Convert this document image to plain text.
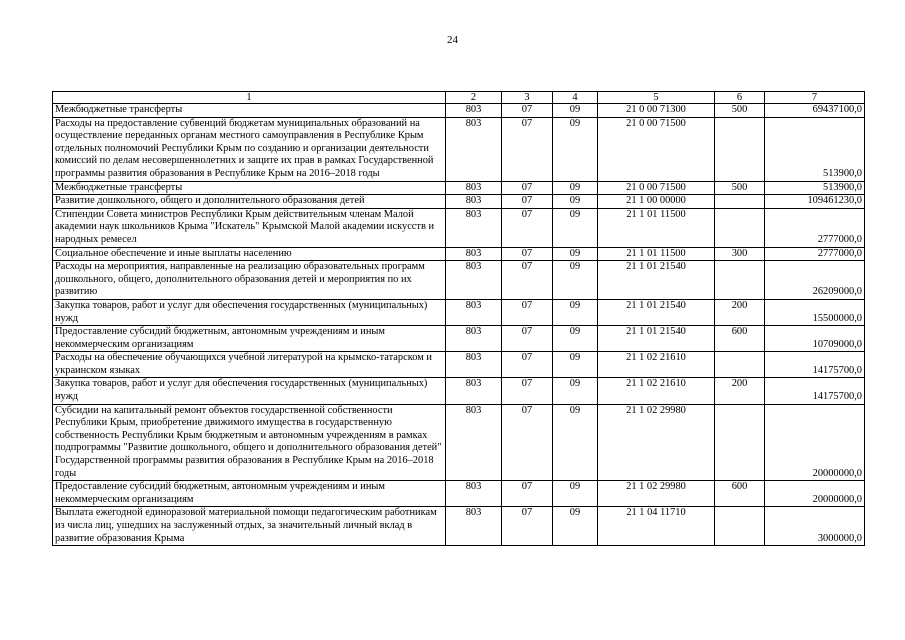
24
1	2	3	4	5	6	7
Межбюджетные трансферты	803	07	09	21 0 00 71300	500	69437100,0
Расходы на предоставление субвенций бюджетам муниципальных образований на осуществление переданных органам местного самоуправления в Республике Крым отдельных полномочий Республики Крым по созданию и организации деятельности комиссий по делам несовершеннолетних и защите их прав в рамках Государственной программы развития образования в Республике Крым на 2016–2018 годы	803	07	09	21 0 00 71500		513900,0
Межбюджетные трансферты	803	07	09	21 0 00 71500	500	513900,0
Развитие дошкольного, общего и дополнительного образования детей	803	07	09	21 1 00 00000		109461230,0
Стипендии Совета министров Республики Крым действительным членам Малой академии наук школьников Крыма "Искатель" Крымской Малой академии искусств и народных ремесел	803	07	09	21 1 01 11500		2777000,0
Социальное обеспечение и иные выплаты населению	803	07	09	21 1 01 11500	300	2777000,0
Расходы на мероприятия, направленные на реализацию образовательных программ дошкольного, общего, дополнительного образования детей и мероприятия по их развитию	803	07	09	21 1 01 21540		26209000,0
Закупка товаров, работ и услуг для обеспечения государственных (муниципальных) нужд	803	07	09	21 1 01 21540	200	15500000,0
Предоставление субсидий бюджетным, автономным учреждениям и иным некоммерческим организациям	803	07	09	21 1 01 21540	600	10709000,0
Расходы на обеспечение обучающихся учебной литературой на крымско-татарском и украинском языках	803	07	09	21 1 02 21610		14175700,0
Закупка товаров, работ и услуг для обеспечения государственных (муниципальных) нужд	803	07	09	21 1 02 21610	200	14175700,0
Субсидии на капитальный ремонт объектов государственной собственности Республики Крым, приобретение движимого имущества в государственную собственность Республики Крым бюджетным и автономным учреждениям в рамках подпрограммы "Развитие дошкольного, общего и дополнительного образования детей" Государственной программы развития образования в Республике Крым на 2016–2018 годы	803	07	09	21 1 02 29980		20000000,0
Предоставление субсидий бюджетным, автономным учреждениям и иным некоммерческим организациям	803	07	09	21 1 02 29980	600	20000000,0
Выплата ежегодной единоразовой материальной помощи педагогическим работникам из числа лиц, ушедших на заслуженный отдых, за значительный личный вклад в развитие образования Крыма	803	07	09	21 1 04 11710		3000000,0
